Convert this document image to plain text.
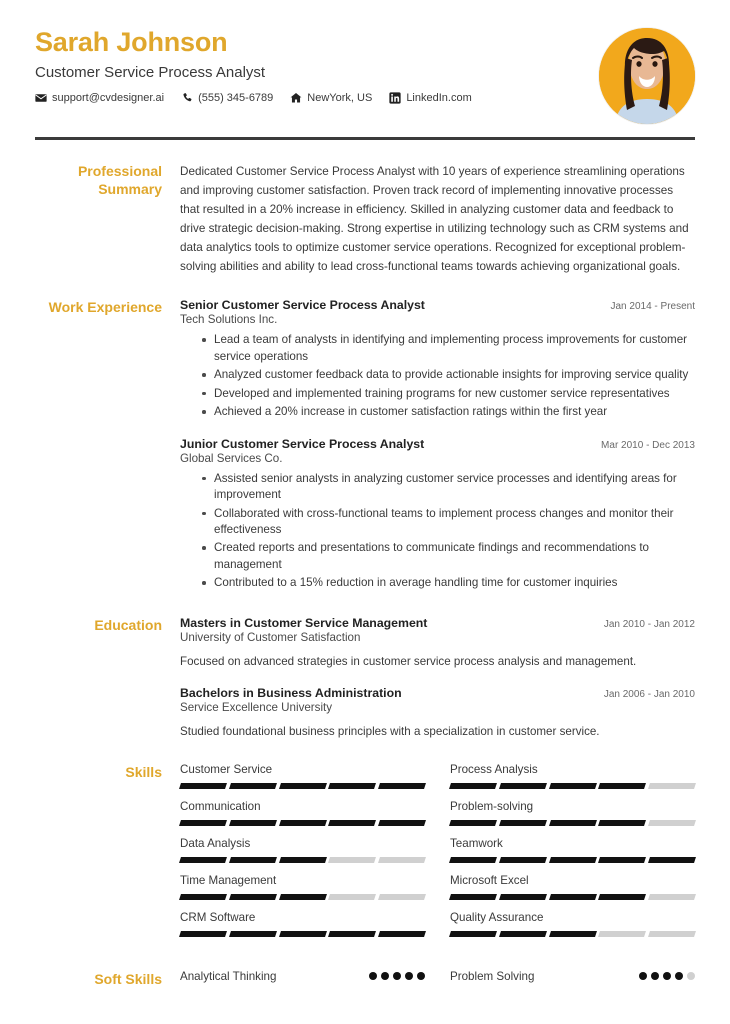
Sarah Johnson
Customer Service Process Analyst
support@cvdesigner.ai	(555) 345-6789	NewYork, US	LinkedIn.com
Professional Summary
Dedicated Customer Service Process Analyst with 10 years of experience streamlining operations and improving customer satisfaction. Proven track record of implementing innovative processes that resulted in a 20% increase in efficiency. Skilled in analyzing customer data and feedback to drive strategic decision-making. Strong expertise in utilizing technology such as CRM systems and data analytics tools to optimize customer service operations. Recognized for exceptional problem-solving abilities and ability to lead cross-functional teams towards achieving organizational goals.
Work Experience	Senior Customer Service Process Analyst	Jan 2014 - Present
Tech Solutions Inc.
Lead a team of analysts in identifying and implementing process improvements for customer service operations
Analyzed customer feedback data to provide actionable insights for improving service quality
Developed and implemented training programs for new customer service representatives
Achieved a 20% increase in customer satisfaction ratings within the first year
Junior Customer Service Process Analyst	Mar 2010 - Dec 2013
Global Services Co.
Assisted senior analysts in analyzing customer service processes and identifying areas for improvement
Collaborated with cross-functional teams to implement process changes and monitor their effectiveness
Created reports and presentations to communicate findings and recommendations to management
Contributed to a 15% reduction in average handling time for customer inquiries
Education	Masters in Customer Service Management	Jan 2010 - Jan 2012
University of Customer Satisfaction
Focused on advanced strategies in customer service process analysis and management.
Bachelors in Business Administration	Jan 2006 - Jan 2010
Service Excellence University
Studied foundational business principles with a specialization in customer service.
Skills	Customer Service	Process Analysis
Communication	Problem-solving
Data Analysis	Teamwork
Time Management	Microsoft Excel
CRM Software	Quality Assurance
Soft Skills	Analytical Thinking	Problem Solving
